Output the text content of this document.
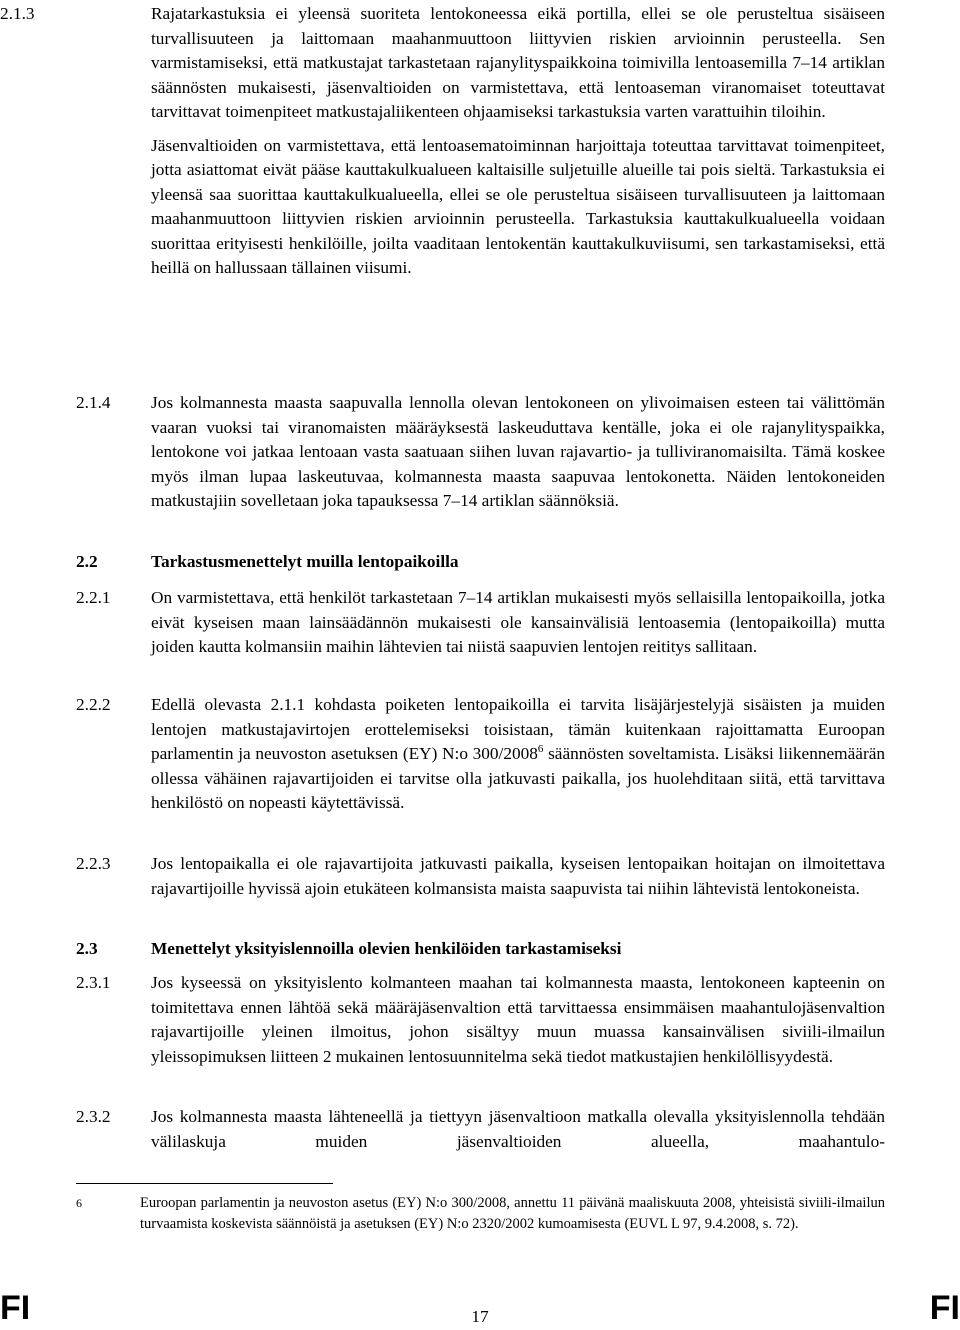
2.1.3	Rajatarkastuksia ei yleensä suoriteta lentokoneessa eikä portilla, ellei se ole perusteltua sisäiseen turvallisuuteen ja laittomaan maahanmuuttoon liittyvien riskien arvioinnin perusteella. Sen varmistamiseksi, että matkustajat tarkastetaan rajanylityspaikkoina toimivilla lentoasemilla 7–14 artiklan säännösten mukaisesti, jäsenvaltioiden on varmistettava, että lentoaseman viranomaiset toteuttavat tarvittavat toimenpiteet matkustajaliikenteen ohjaamiseksi tarkastuksia varten varattuihin tiloihin.

Jäsenvaltioiden on varmistettava, että lentoasematoiminnan harjoittaja toteuttaa tarvittavat toimenpiteet, jotta asiattomat eivät pääse kauttakulkualueen kaltaisille suljetuille alueille tai pois sieltä. Tarkastuksia ei yleensä saa suorittaa kauttakulkualueella, ellei se ole perusteltua sisäiseen turvallisuuteen ja laittomaan maahanmuuttoon liittyvien riskien arvioinnin perusteella. Tarkastuksia kauttakulkualueella voidaan suorittaa erityisesti henkilöille, joilta vaaditaan lentokentän kauttakulkuviisumi, sen tarkastamiseksi, että heillä on hallussaan tällainen viisumi.

2.1.4	Jos kolmannesta maasta saapuvalla lennolla olevan lentokoneen on ylivoimaisen esteen tai välittömän vaaran vuoksi tai viranomaisten määräyksestä laskeuduttava kentälle, joka ei ole rajanylityspaikka, lentokone voi jatkaa lentoaan vasta saatuaan siihen luvan rajavartio- ja tulliviranomaisilta. Tämä koskee myös ilman lupaa laskeutuvaa, kolmannesta maasta saapuvaa lentokonetta. Näiden lentokoneiden matkustajiin sovelletaan joka tapauksessa 7–14 artiklan säännöksiä.
2.2	Tarkastusmenettelyt muilla lentopaikoilla
2.2.1	On varmistettava, että henkilöt tarkastetaan 7–14 artiklan mukaisesti myös sellaisilla lentopaikoilla, jotka eivät kyseisen maan lainsäädännön mukaisesti ole kansainvälisiä lentoasemia (lentopaikoilla) mutta joiden kautta kolmansiin maihin lähtevien tai niistä saapuvien lentojen reititys sallitaan.
2.2.2	Edellä olevasta 2.1.1 kohdasta poiketen lentopaikoilla ei tarvita lisäjärjestelyjä sisäisten ja muiden lentojen matkustajavirtojen erottelemiseksi toisistaan, tämän kuitenkaan rajoittamatta Euroopan parlamentin ja neuvoston asetuksen (EY) N:o 300/2008$^6$ säännösten soveltamista. Lisäksi liikennemäärän ollessa vähäinen rajavartijoiden ei tarvitse olla jatkuvasti paikalla, jos huolehditaan siitä, että tarvittava henkilöstö on nopeasti käytettävissä.
2.2.3	Jos lentopaikalla ei ole rajavartijoita jatkuvasti paikalla, kyseisen lentopaikan hoitajan on ilmoitettava rajavartijoille hyvissä ajoin etukäteen kolmansista maista saapuvista tai niihin lähtevistä lentokoneista.
2.3	Menettelyt yksityislennoilla olevien henkilöiden tarkastamiseksi
2.3.1	Jos kyseessä on yksityislento kolmanteen maahan tai kolmannesta maasta, lentokoneen kapteenin on toimitettava ennen lähtöä sekä määräjäsenvaltion että tarvittaessa ensimmäisen maahantulojäsenvaltion rajavartijoille yleinen ilmoitus, johon sisältyy muun muassa kansainvälisen siviili-ilmailun yleissopimuksen liitteen 2 mukainen lentosuunnitelma sekä tiedot matkustajien henkilöllisyydestä.
2.3.2	Jos kolmannesta maasta lähteneellä ja tiettyyn jäsenvaltioon matkalla olevalla yksityislennolla tehdään välilaskuja muiden jäsenvaltioiden alueella, maahantulo-
6	Euroopan parlamentin ja neuvoston asetus (EY) N:o 300/2008, annettu 11 päivänä maaliskuuta 2008, yhteisistä siviili-ilmailun turvaamista koskevista säännöistä ja asetuksen (EY) N:o 2320/2002 kumoamisesta (EUVL L 97, 9.4.2008, s. 72).
FI	17	FI
